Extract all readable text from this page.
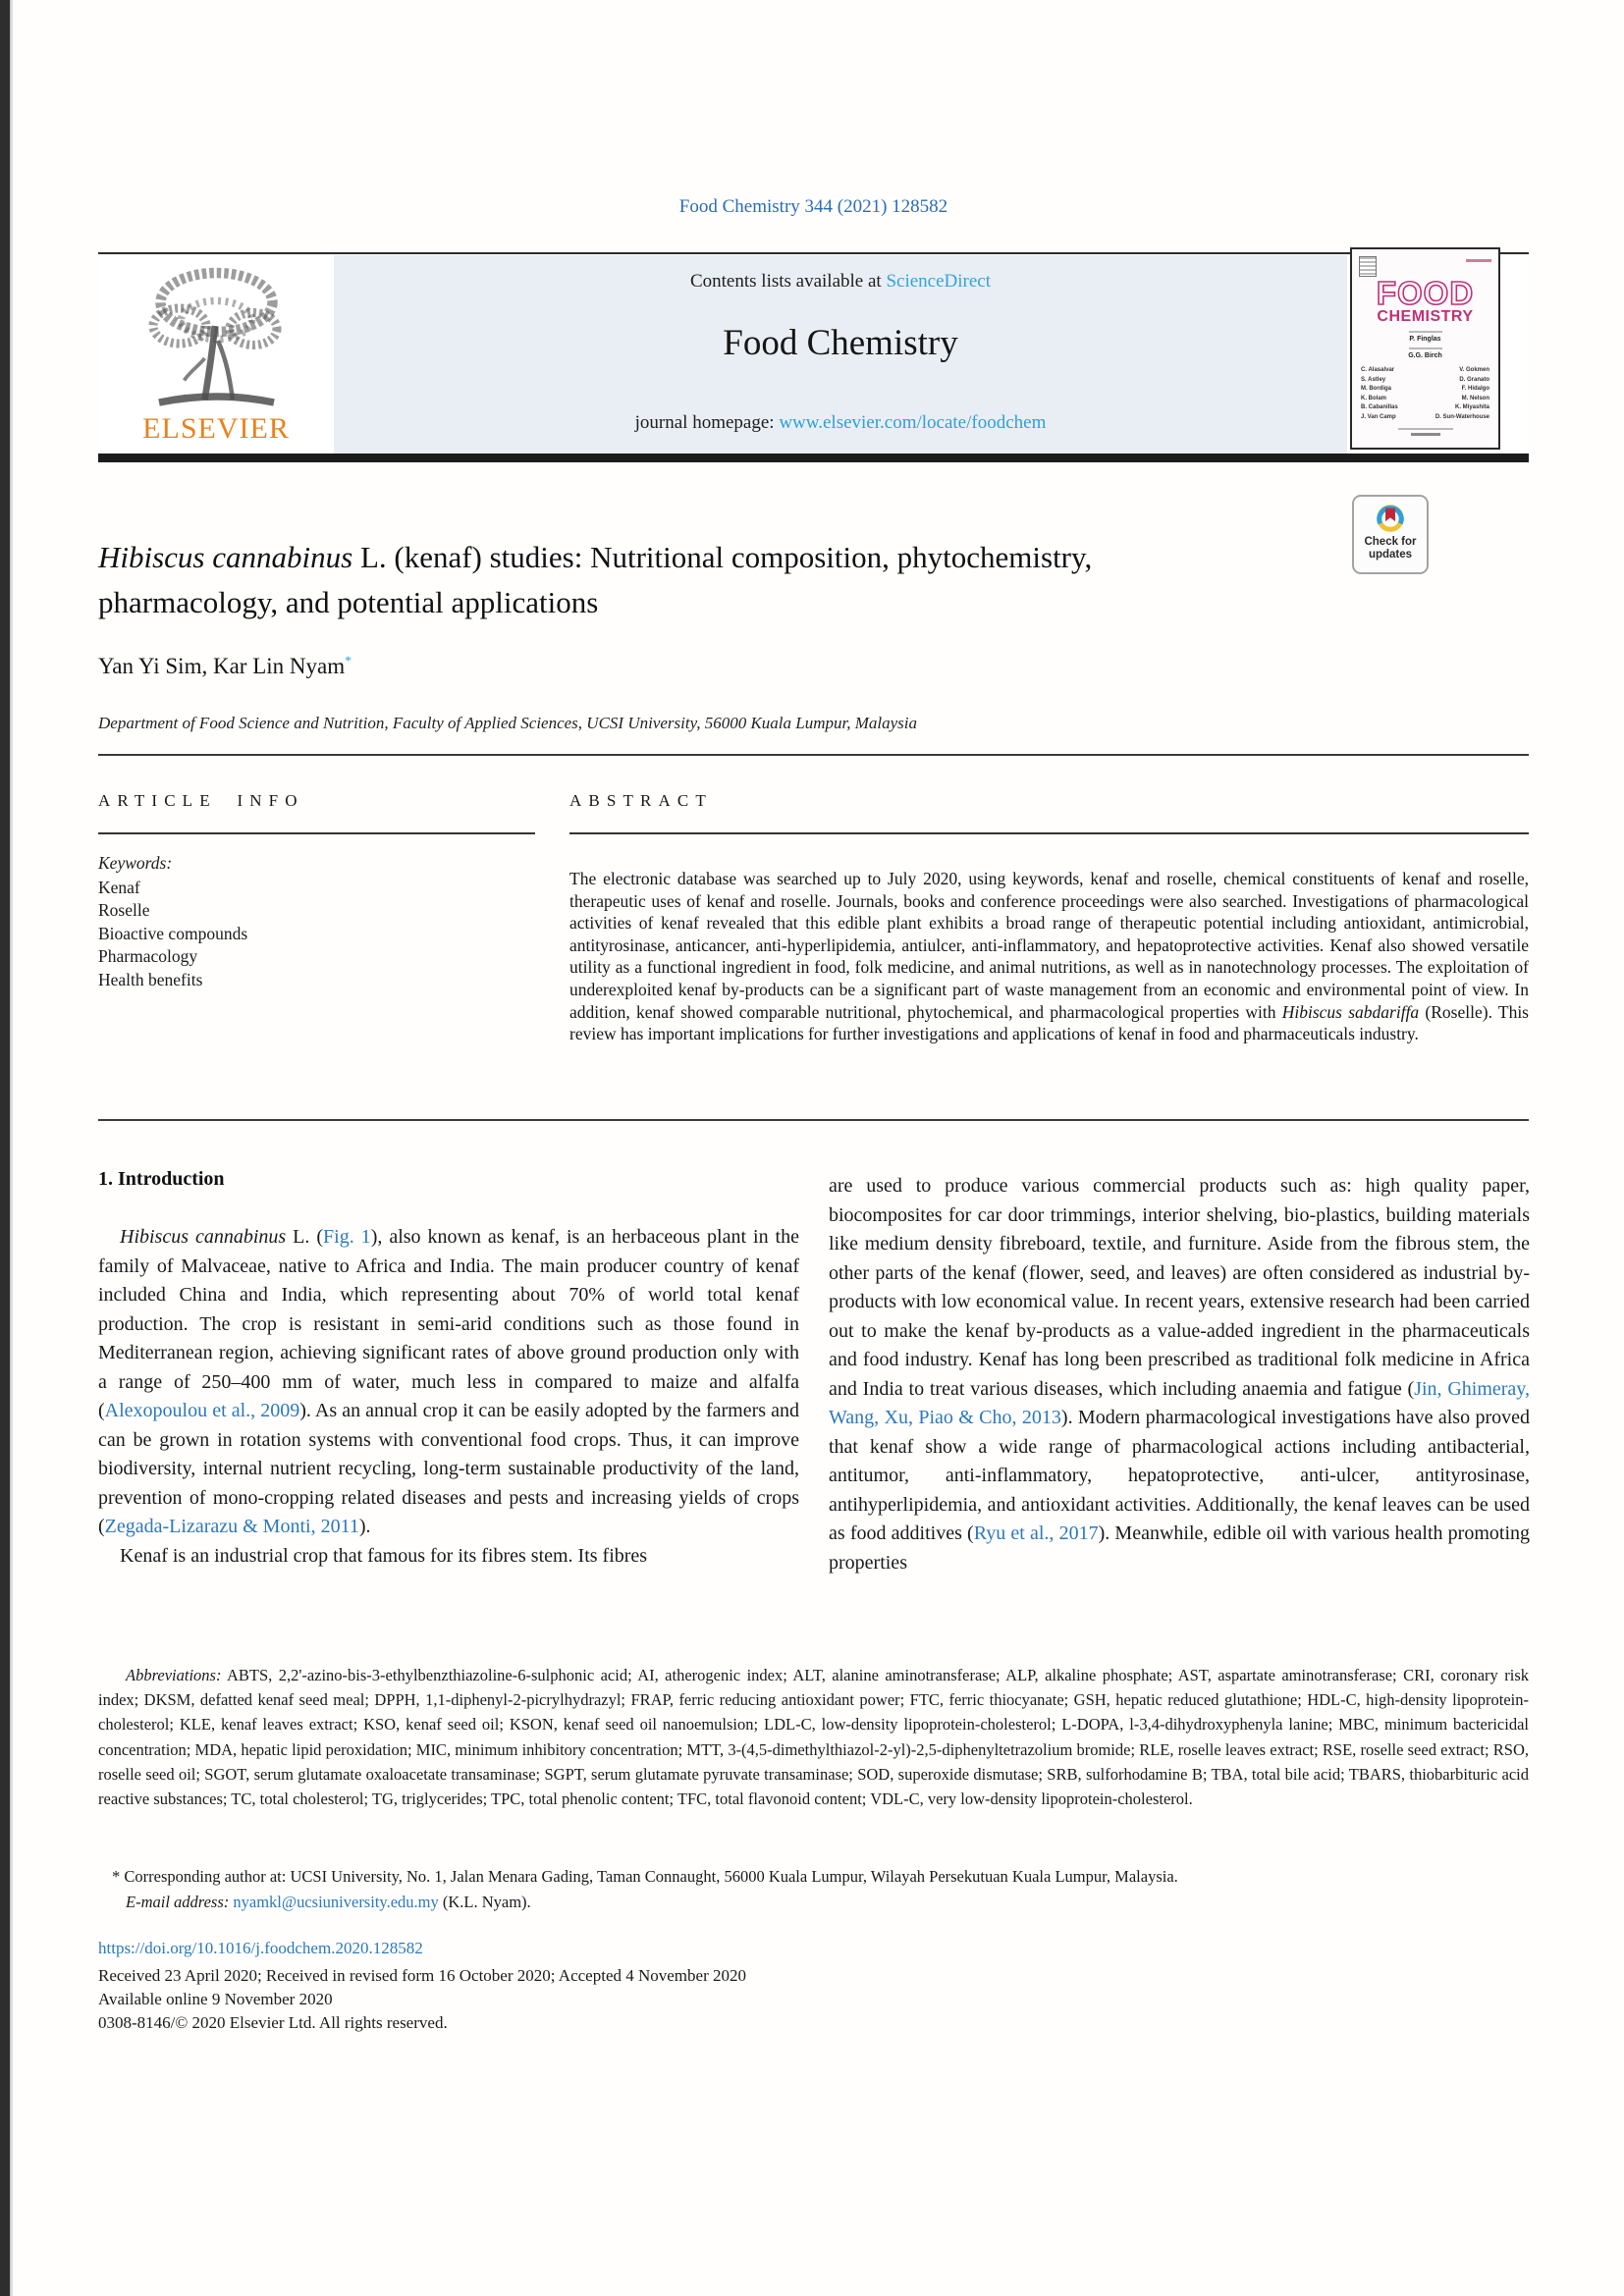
Food Chemistry 344 (2021) 128582
ELSEVIER
Contents lists available at ScienceDirect
Food Chemistry
journal homepage: www.elsevier.com/locate/foodchem
FOOD
CHEMISTRY
P. Finglas
G.G. Birch
C. Alasalvar
S. Astley
M. Bordiga
K. Bolam
B. Cabanillas
J. Van Camp
V. Gokmen
D. Granato
F. Hidalgo
M. Nelson
K. Miyashita
D. Sun-Waterhouse
Check for
updates
Hibiscus cannabinus L. (kenaf) studies: Nutritional composition, phytochemistry, pharmacology, and potential applications
Yan Yi Sim, Kar Lin Nyam*
Department of Food Science and Nutrition, Faculty of Applied Sciences, UCSI University, 56000 Kuala Lumpur, Malaysia
ARTICLE INFO	ABSTRACT
Keywords:
Kenaf
Roselle
Bioactive compounds
Pharmacology
Health benefits
The electronic database was searched up to July 2020, using keywords, kenaf and roselle, chemical constituents of kenaf and roselle, therapeutic uses of kenaf and roselle. Journals, books and conference proceedings were also searched. Investigations of pharmacological activities of kenaf revealed that this edible plant exhibits a broad range of therapeutic potential including antioxidant, antimicrobial, antityrosinase, anticancer, anti-hyperlipidemia, antiulcer, anti-inflammatory, and hepatoprotective activities. Kenaf also showed versatile utility as a functional ingredient in food, folk medicine, and animal nutritions, as well as in nanotechnology processes. The exploitation of underexploited kenaf by-products can be a significant part of waste management from an economic and environmental point of view. In addition, kenaf showed comparable nutritional, phytochemical, and pharmacological properties with Hibiscus sabdariffa (Roselle). This review has important implications for further investigations and applications of kenaf in food and pharmaceuticals industry.
1. Introduction

Hibiscus cannabinus L. (Fig. 1), also known as kenaf, is an herbaceous plant in the family of Malvaceae, native to Africa and India. The main producer country of kenaf included China and India, which representing about 70% of world total kenaf production. The crop is resistant in semi-arid conditions such as those found in Mediterranean region, achieving significant rates of above ground production only with a range of 250–400 mm of water, much less in compared to maize and alfalfa (Alexopoulou et al., 2009). As an annual crop it can be easily adopted by the farmers and can be grown in rotation systems with conventional food crops. Thus, it can improve biodiversity, internal nutrient recycling, long-term sustainable productivity of the land, prevention of mono-cropping related diseases and pests and increasing yields of crops (Zegada-Lizarazu & Monti, 2011).

Kenaf is an industrial crop that famous for its fibres stem. Its fibres

are used to produce various commercial products such as: high quality paper, biocomposites for car door trimmings, interior shelving, bio-plastics, building materials like medium density fibreboard, textile, and furniture. Aside from the fibrous stem, the other parts of the kenaf (flower, seed, and leaves) are often considered as industrial by-products with low economical value. In recent years, extensive research had been carried out to make the kenaf by-products as a value-added ingredient in the pharmaceuticals and food industry. Kenaf has long been prescribed as traditional folk medicine in Africa and India to treat various diseases, which including anaemia and fatigue (Jin, Ghimeray, Wang, Xu, Piao & Cho, 2013). Modern pharmacological investigations have also proved that kenaf show a wide range of pharmacological actions including antibacterial, antitumor, anti-inflammatory, hepatoprotective, anti-ulcer, antityrosinase, antihyperlipidemia, and antioxidant activities. Additionally, the kenaf leaves can be used as food additives (Ryu et al., 2017). Meanwhile, edible oil with various health promoting properties

Abbreviations: ABTS, 2,2'-azino-bis-3-ethylbenzthiazoline-6-sulphonic acid; AI, atherogenic index; ALT, alanine aminotransferase; ALP, alkaline phosphate; AST, aspartate aminotransferase; CRI, coronary risk index; DKSM, defatted kenaf seed meal; DPPH, 1,1-diphenyl-2-picrylhydrazyl; FRAP, ferric reducing antioxidant power; FTC, ferric thiocyanate; GSH, hepatic reduced glutathione; HDL-C, high-density lipoprotein-cholesterol; KLE, kenaf leaves extract; KSO, kenaf seed oil; KSON, kenaf seed oil nanoemulsion; LDL-C, low-density lipoprotein-cholesterol; L-DOPA, l-3,4-dihydroxyphenyla lanine; MBC, minimum bactericidal concentration; MDA, hepatic lipid peroxidation; MIC, minimum inhibitory concentration; MTT, 3-(4,5-dimethylthiazol-2-yl)-2,5-diphenyltetrazolium bromide; RLE, roselle leaves extract; RSE, roselle seed extract; RSO, roselle seed oil; SGOT, serum glutamate oxaloacetate transaminase; SGPT, serum glutamate pyruvate transaminase; SOD, superoxide dismutase; SRB, sulforhodamine B; TBA, total bile acid; TBARS, thiobarbituric acid reactive substances; TC, total cholesterol; TG, triglycerides; TPC, total phenolic content; TFC, total flavonoid content; VDL-C, very low-density lipoprotein-cholesterol.
* Corresponding author at: UCSI University, No. 1, Jalan Menara Gading, Taman Connaught, 56000 Kuala Lumpur, Wilayah Persekutuan Kuala Lumpur, Malaysia.
E-mail address: nyamkl@ucsiuniversity.edu.my (K.L. Nyam).
https://doi.org/10.1016/j.foodchem.2020.128582
Received 23 April 2020; Received in revised form 16 October 2020; Accepted 4 November 2020
Available online 9 November 2020
0308-8146/© 2020 Elsevier Ltd. All rights reserved.
